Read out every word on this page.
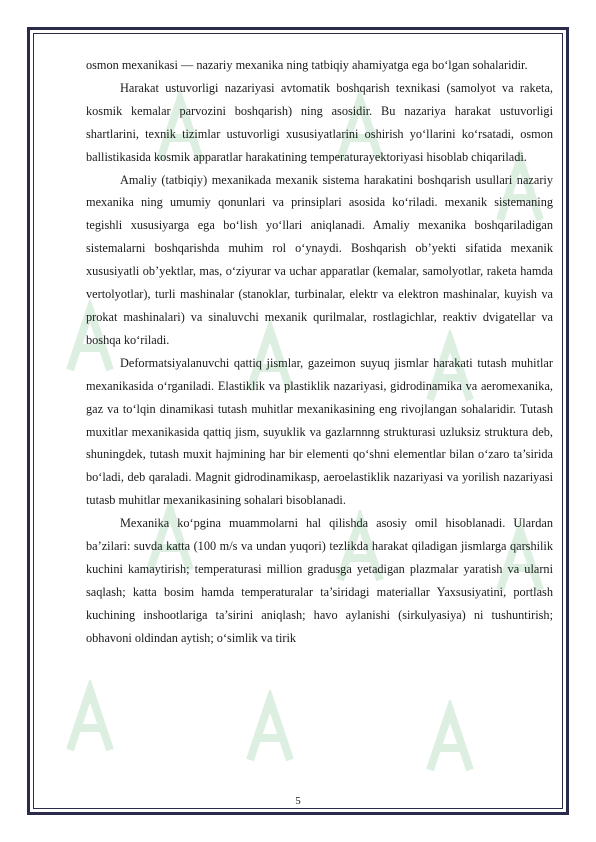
osmon mexanikasi — nazariy mexanika ning tatbiqiy ahamiyatga ega bo‘lgan sohalaridir.

Harakat ustuvorligi nazariyasi avtomatik boshqarish texnikasi (samolyot va raketa, kosmik kemalar parvozini boshqarish) ning asosidir. Bu nazariya harakat ustuvorligi shartlarini, texnik tizimlar ustuvorligi xususiyatlarini oshirish yo‘llarini ko‘rsatadi, osmon ballistikasida kosmik apparatlar harakatining temperaturayektoriyasi hisoblab chiqariladi.

Amaliy (tatbiqiy) mexanikada mexanik sistema harakatini boshqarish usullari nazariy mexanika ning umumiy qonunlari va prinsiplari asosida ko‘riladi. mexanik sistemaning tegishli xususiyarga ega bo‘lish yo‘llari aniqlanadi. Amaliy mexanika boshqariladigan sistemalarni boshqarishda muhim rol o‘ynaydi. Boshqarish ob’yekti sifatida mexanik xususiyatli ob’yektlar, mas, o‘ziyurar va uchar apparatlar (kemalar, samolyotlar, raketa hamda vertolyotlar), turli mashinalar (stanoklar, turbinalar, elektr va elektron mashinalar, kuyish va prokat mashinalari) va sinaluvchi mexanik qurilmalar, rostlagichlar, reaktiv dvigatellar va boshqa ko‘riladi.

Deformatsiyalanuvchi qattiq jismlar, gazeimon suyuq jismlar harakati tutash muhitlar mexanikasida o‘rganiladi. Elastiklik va plastiklik nazariyasi, gidrodinamika va aeromexanika, gaz va to‘lqin dinamikasi tutash muhitlar mexanikasining eng rivojlangan sohalaridir. Tutash muxitlar mexanikasida qattiq jism, suyuklik va gazlarnnng strukturasi uzluksiz struktura deb, shuningdek, tutash muxit hajmining har bir elementi qo‘shni elementlar bilan o‘zaro ta’sirida bo‘ladi, deb qaraladi. Magnit gidrodinamikasp, aeroelastiklik nazariyasi va yorilish nazariyasi tutasb muhitlar mexanikasining sohalari bisoblanadi.

Mexanika ko‘pgina muammolarni hal qilishda asosiy omil hisoblanadi. Ulardan ba’zilari: suvda katta (100 m/s va undan yuqori) tezlikda harakat qiladigan jismlarga qarshilik kuchini kamaytirish; temperaturasi million gradusga yetadigan plazmalar yaratish va ularni saqlash; katta bosim hamda temperaturalar ta’siridagi materiallar Yaxsusiyatini, portlash kuchining inshootlariga ta’sirini aniqlash; havo aylanishi (sirkulyasiya) ni tushuntirish; obhavoni oldindan aytish; o‘simlik va tirik

5
